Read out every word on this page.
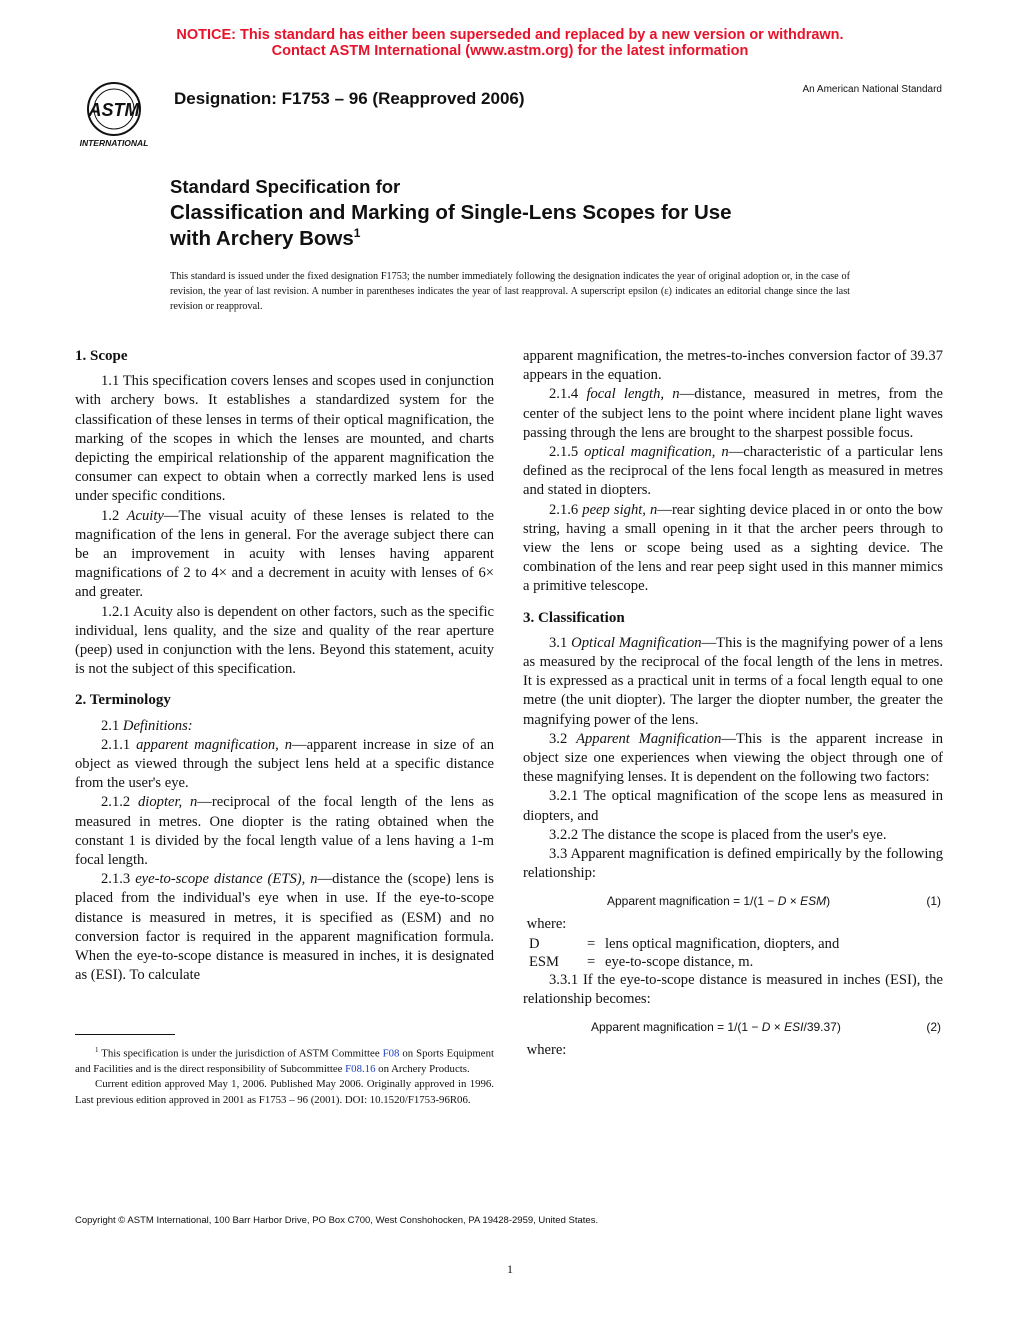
NOTICE: This standard has either been superseded and replaced by a new version or withdrawn.
Contact ASTM International (www.astm.org) for the latest information
ASTM
INTERNATIONAL
Designation: F1753 – 96 (Reapproved 2006)	An American National Standard
Standard Specification for
Classification and Marking of Single-Lens Scopes for Use
with Archery Bows$^1$
This standard is issued under the fixed designation F1753; the number immediately following the designation indicates the year of original adoption or, in the case of revision, the year of last revision. A number in parentheses indicates the year of last reapproval. A superscript epsilon (ε) indicates an editorial change since the last revision or reapproval.
1. Scope

1.1 This specification covers lenses and scopes used in conjunction with archery bows. It establishes a standardized system for the classification of these lenses in terms of their optical magnification, the marking of the scopes in which the lenses are mounted, and charts depicting the empirical relationship of the apparent magnification the consumer can expect to obtain when a correctly marked lens is used under specific conditions.

1.2 Acuity—The visual acuity of these lenses is related to the magnification of the lens in general. For the average subject there can be an improvement in acuity with lenses having apparent magnifications of 2 to 4× and a decrement in acuity with lenses of 6× and greater.

1.2.1 Acuity also is dependent on other factors, such as the specific individual, lens quality, and the size and quality of the rear aperture (peep) used in conjunction with the lens. Beyond this statement, acuity is not the subject of this specification.

2. Terminology

2.1 Definitions:

2.1.1 apparent magnification, n—apparent increase in size of an object as viewed through the subject lens held at a specific distance from the user's eye.

2.1.2 diopter, n—reciprocal of the focal length of the lens as measured in metres. One diopter is the rating obtained when the constant 1 is divided by the focal length value of a lens having a 1-m focal length.

2.1.3 eye-to-scope distance (ETS), n—distance the (scope) lens is placed from the individual's eye when in use. If the eye-to-scope distance is measured in metres, it is specified as (ESM) and no conversion factor is required in the apparent magnification formula. When the eye-to-scope distance is measured in inches, it is designated as (ESI). To calculate

apparent magnification, the metres-to-inches conversion factor of 39.37 appears in the equation.

2.1.4 focal length, n—distance, measured in metres, from the center of the subject lens to the point where incident plane light waves passing through the lens are brought to the sharpest possible focus.

2.1.5 optical magnification, n—characteristic of a particular lens defined as the reciprocal of the lens focal length as measured in metres and stated in diopters.

2.1.6 peep sight, n—rear sighting device placed in or onto the bow string, having a small opening in it that the archer peers through to view the lens or scope being used as a sighting device. The combination of the lens and rear peep sight used in this manner mimics a primitive telescope.

3. Classification

3.1 Optical Magnification—This is the magnifying power of a lens as measured by the reciprocal of the focal length of the lens in metres. It is expressed as a practical unit in terms of a focal length equal to one metre (the unit diopter). The larger the diopter number, the greater the magnifying power of the lens.

3.2 Apparent Magnification—This is the apparent increase in object size one experiences when viewing the object through one of these magnifying lenses. It is dependent on the following two factors:

3.2.1 The optical magnification of the scope lens as measured in diopters, and

3.2.2 The distance the scope is placed from the user's eye.

3.3 Apparent magnification is defined empirically by the following relationship:

Apparent magnification = 1/(1 − D × ESM)	(1)

where:

D	= lens optical magnification, diopters, and
ESM	= eye-to-scope distance, m.

3.3.1 If the eye-to-scope distance is measured in inches (ESI), the relationship becomes:

Apparent magnification = 1/(1 − D × ESI/39.37)	(2)

where:

$^1$ This specification is under the jurisdiction of ASTM Committee F08 on Sports Equipment and Facilities and is the direct responsibility of Subcommittee F08.16 on Archery Products.

Current edition approved May 1, 2006. Published May 2006. Originally approved in 1996. Last previous edition approved in 2001 as F1753 – 96 (2001). DOI: 10.1520/F1753-96R06.

Copyright © ASTM International, 100 Barr Harbor Drive, PO Box C700, West Conshohocken, PA 19428-2959, United States.
1
